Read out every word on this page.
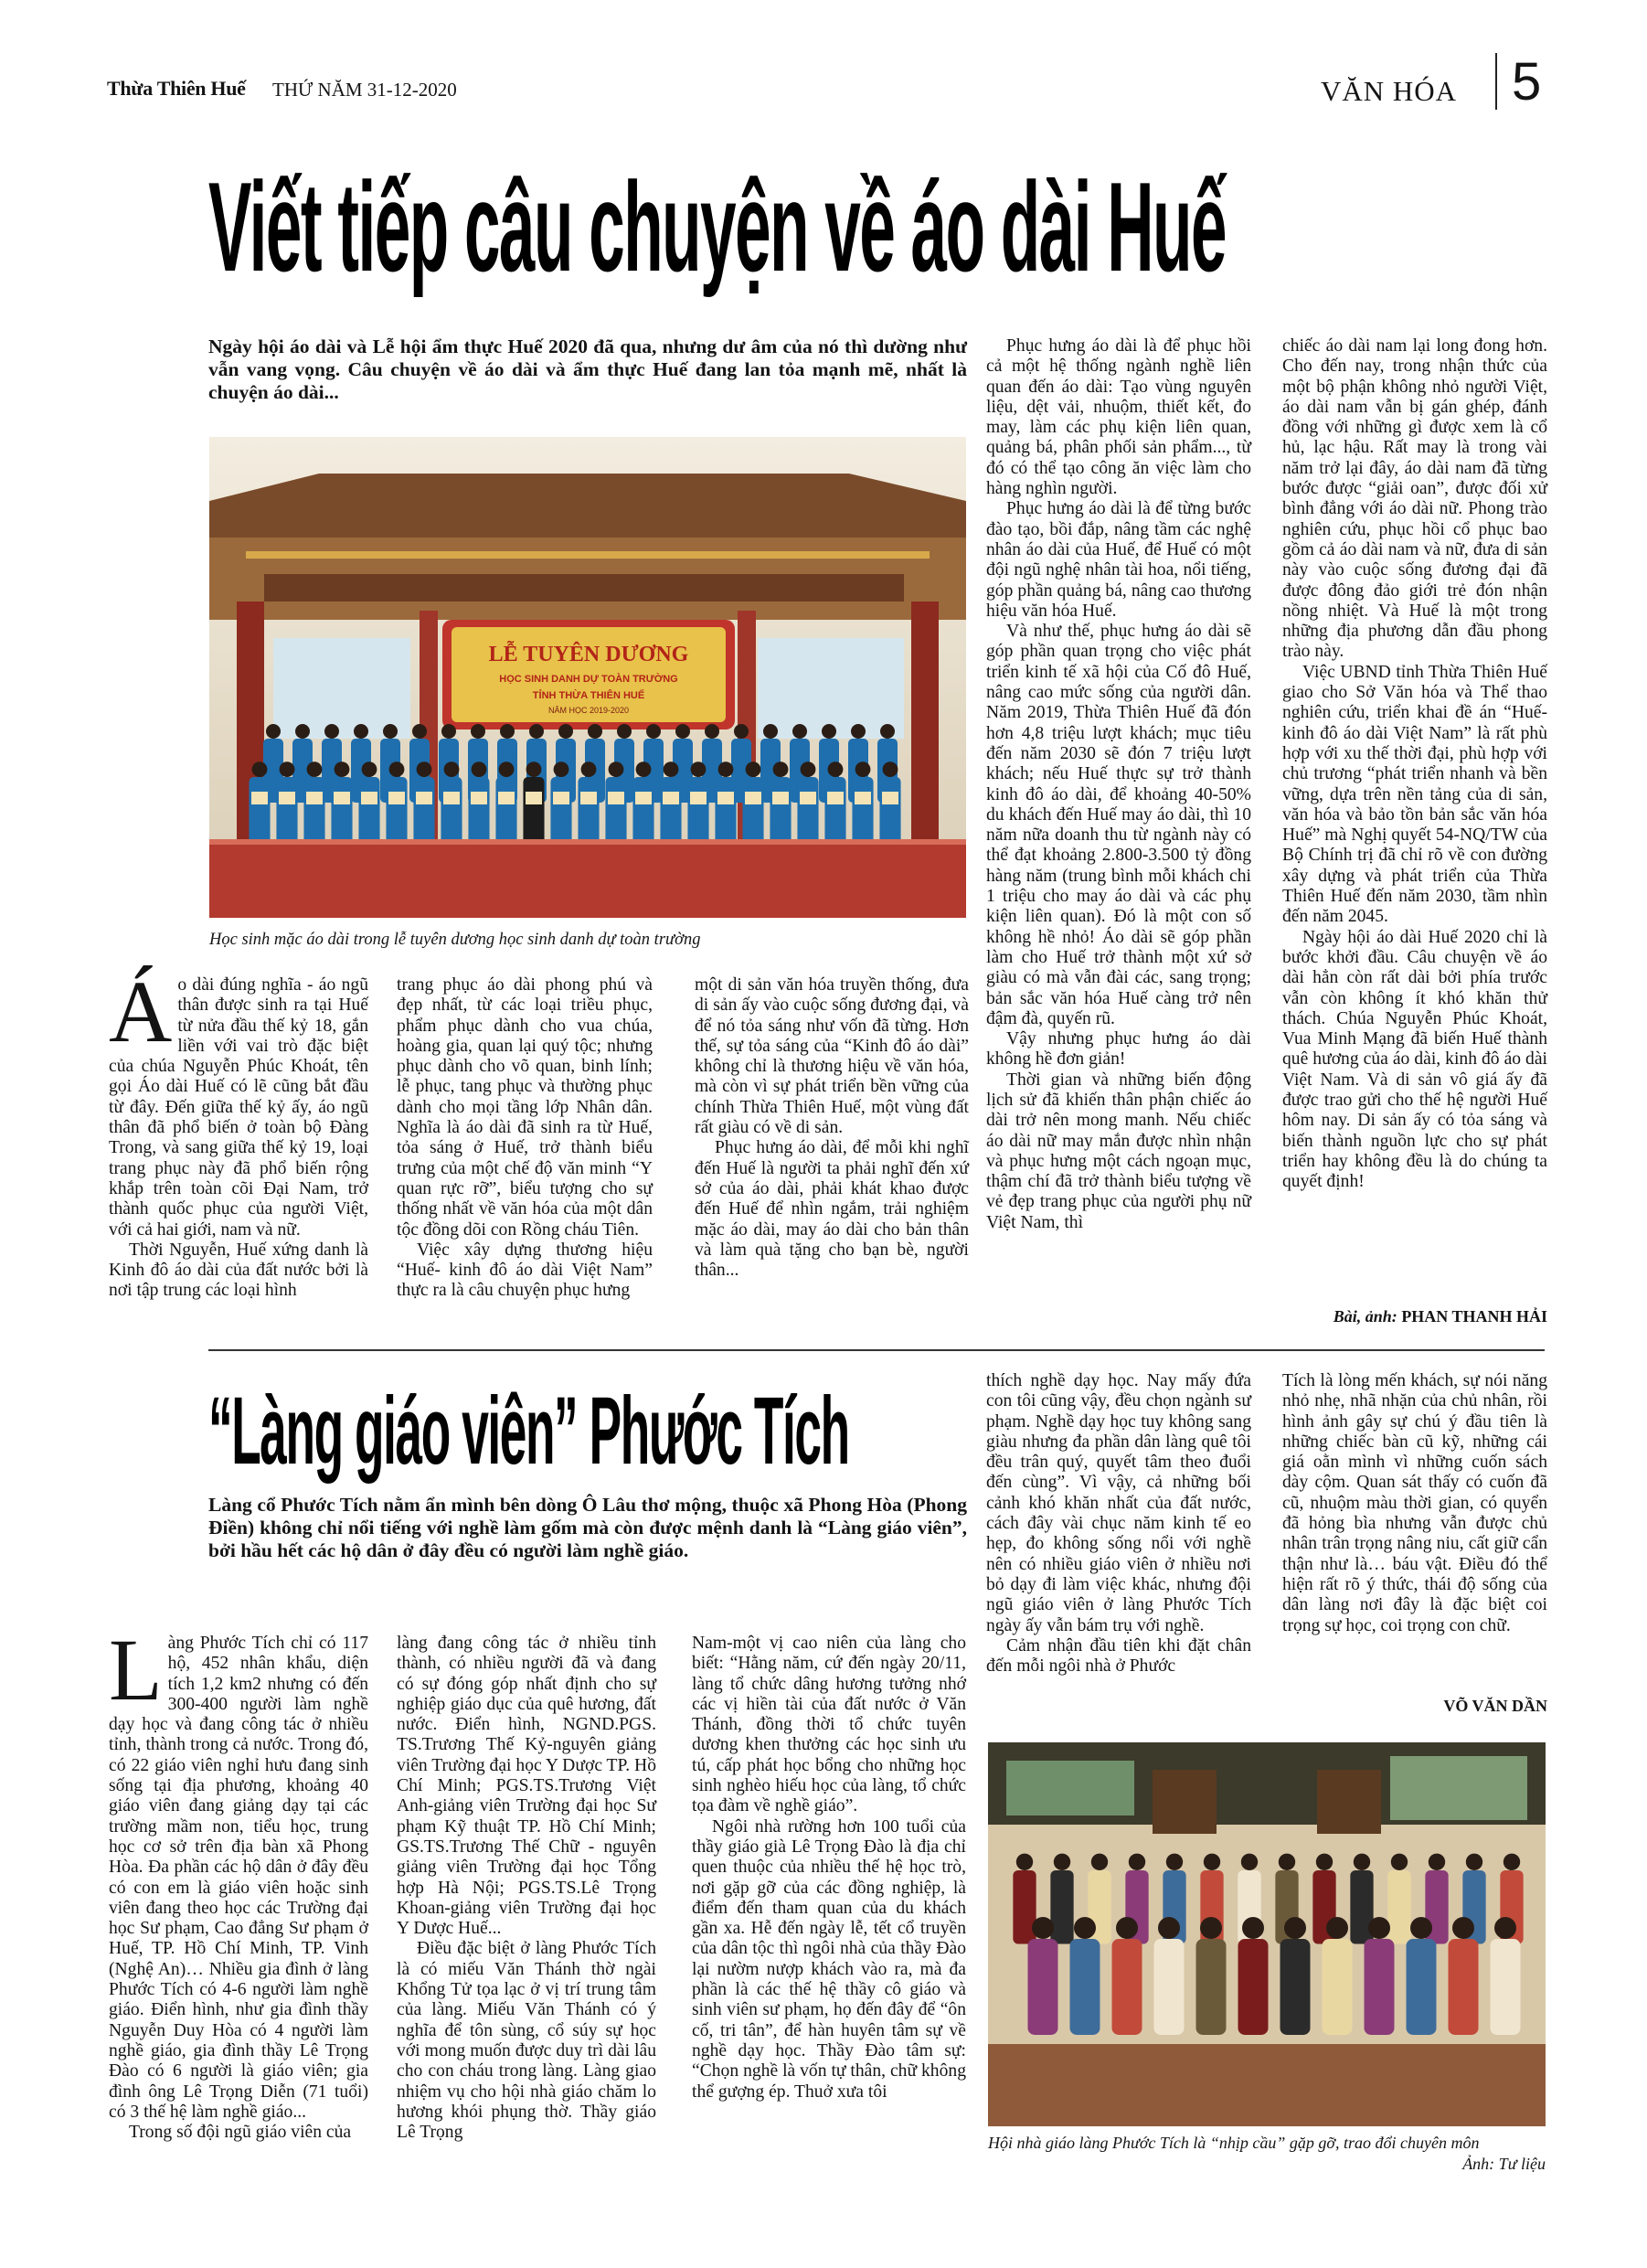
Thừa Thiên Huế THỨ NĂM 31-12-2020	VĂN HÓA 5
Viết tiếp câu chuyện về áo dài Huế
Ngày hội áo dài và Lễ hội ẩm thực Huế 2020 đã qua, nhưng dư âm của nó thì dường như vẫn vang vọng. Câu chuyện về áo dài và ẩm thực Huế đang lan tỏa mạnh mẽ, nhất là chuyện áo dài...
LỄ TUYÊN DƯƠNG
HỌC SINH DANH DỰ TOÀN TRƯỜNG
TỈNH THỪA THIÊN HUẾ
NĂM HỌC 2019-2020
Học sinh mặc áo dài trong lễ tuyên dương học sinh danh dự toàn trường

Áo dài đúng nghĩa - áo ngũ thân được sinh ra tại Huế từ nửa đầu thế kỷ 18, gắn liền với vai trò đặc biệt của chúa Nguyễn Phúc Khoát, tên gọi Áo dài Huế có lẽ cũng bắt đầu từ đây. Đến giữa thế kỷ ấy, áo ngũ thân đã phổ biến ở toàn bộ Đàng Trong, và sang giữa thế kỷ 19, loại trang phục này đã phổ biến rộng khắp trên toàn cõi Đại Nam, trở thành quốc phục của người Việt, với cả hai giới, nam và nữ.

Thời Nguyễn, Huế xứng danh là Kinh đô áo dài của đất nước bởi là nơi tập trung các loại hình

trang phục áo dài phong phú và đẹp nhất, từ các loại triều phục, phẩm phục dành cho vua chúa, hoàng gia, quan lại quý tộc; nhưng phục dành cho võ quan, binh lính; lễ phục, tang phục và thường phục dành cho mọi tầng lớp Nhân dân. Nghĩa là áo dài đã sinh ra từ Huế, tỏa sáng ở Huế, trở thành biểu trưng của một chế độ văn minh “Y quan rực rỡ”, biểu tượng cho sự thống nhất về văn hóa của một dân tộc đồng dõi con Rồng cháu Tiên.

Việc xây dựng thương hiệu “Huế- kinh đô áo dài Việt Nam” thực ra là câu chuyện phục hưng

một di sản văn hóa truyền thống, đưa di sản ấy vào cuộc sống đương đại, và để nó tỏa sáng như vốn đã từng. Hơn thế, sự tỏa sáng của “Kinh đô áo dài” không chỉ là thương hiệu về văn hóa, mà còn vì sự phát triển bền vững của chính Thừa Thiên Huế, một vùng đất rất giàu có về di sản.

Phục hưng áo dài, để mỗi khi nghĩ đến Huế là người ta phải nghĩ đến xứ sở của áo dài, phải khát khao được đến Huế để nhìn ngắm, trải nghiệm mặc áo dài, may áo dài cho bản thân và làm quà tặng cho bạn bè, người thân...

Phục hưng áo dài là để phục hồi cả một hệ thống ngành nghề liên quan đến áo dài: Tạo vùng nguyên liệu, dệt vải, nhuộm, thiết kết, đo may, làm các phụ kiện liên quan, quảng bá, phân phối sản phẩm..., từ đó có thể tạo công ăn việc làm cho hàng nghìn người.

Phục hưng áo dài là để từng bước đào tạo, bồi đắp, nâng tầm các nghệ nhân áo dài của Huế, để Huế có một đội ngũ nghệ nhân tài hoa, nổi tiếng, góp phần quảng bá, nâng cao thương hiệu văn hóa Huế.

Và như thế, phục hưng áo dài sẽ góp phần quan trọng cho việc phát triển kinh tế xã hội của Cố đô Huế, nâng cao mức sống của người dân. Năm 2019, Thừa Thiên Huế đã đón hơn 4,8 triệu lượt khách; mục tiêu đến năm 2030 sẽ đón 7 triệu lượt khách; nếu Huế thực sự trở thành kinh đô áo dài, để khoảng 40-50% du khách đến Huế may áo dài, thì 10 năm nữa doanh thu từ ngành này có thể đạt khoảng 2.800-3.500 tỷ đồng hàng năm (trung bình mỗi khách chi 1 triệu cho may áo dài và các phụ kiện liên quan). Đó là một con số không hề nhỏ! Áo dài sẽ góp phần làm cho Huế trở thành một xứ sở giàu có mà vẫn đài các, sang trọng; bản sắc văn hóa Huế càng trở nên đậm đà, quyến rũ.

Vậy nhưng phục hưng áo dài không hề đơn giản!

Thời gian và những biến động lịch sử đã khiến thân phận chiếc áo dài trở nên mong manh. Nếu chiếc áo dài nữ may mắn được nhìn nhận và phục hưng một cách ngoạn mục, thậm chí đã trở thành biểu tượng về vẻ đẹp trang phục của người phụ nữ Việt Nam, thì

chiếc áo dài nam lại long đong hơn. Cho đến nay, trong nhận thức của một bộ phận không nhỏ người Việt, áo dài nam vẫn bị gán ghép, đánh đồng với những gì được xem là cổ hủ, lạc hậu. Rất may là trong vài năm trở lại đây, áo dài nam đã từng bước được “giải oan”, được đối xử bình đẳng với áo dài nữ. Phong trào nghiên cứu, phục hồi cổ phục bao gồm cả áo dài nam và nữ, đưa di sản này vào cuộc sống đương đại đã được đông đảo giới trẻ đón nhận nồng nhiệt. Và Huế là một trong những địa phương dẫn đầu phong trào này.

Việc UBND tỉnh Thừa Thiên Huế giao cho Sở Văn hóa và Thể thao nghiên cứu, triển khai đề án “Huế- kinh đô áo dài Việt Nam” là rất phù hợp với xu thế thời đại, phù hợp với chủ trương “phát triển nhanh và bền vững, dựa trên nền tảng của di sản, văn hóa và bảo tồn bản sắc văn hóa Huế” mà Nghị quyết 54-NQ/TW của Bộ Chính trị đã chỉ rõ về con đường xây dựng và phát triển của Thừa Thiên Huế đến năm 2030, tầm nhìn đến năm 2045.

Ngày hội áo dài Huế 2020 chỉ là bước khởi đầu. Câu chuyện về áo dài hẳn còn rất dài bởi phía trước vẫn còn không ít khó khăn thử thách. Chúa Nguyễn Phúc Khoát, Vua Minh Mạng đã biến Huế thành quê hương của áo dài, kinh đô áo dài Việt Nam. Và di sản vô giá ấy đã được trao gửi cho thế hệ người Huế hôm nay. Di sản ấy có tỏa sáng và biến thành nguồn lực cho sự phát triển hay không đều là do chúng ta quyết định!

Bài, ảnh: PHAN THANH HẢI
“Làng giáo viên” Phước Tích
Làng cổ Phước Tích nằm ẩn mình bên dòng Ô Lâu thơ mộng, thuộc xã Phong Hòa (Phong Điền) không chỉ nổi tiếng với nghề làm gốm mà còn được mệnh danh là “Làng giáo viên”, bởi hầu hết các hộ dân ở đây đều có người làm nghề giáo.

Làng Phước Tích chỉ có 117 hộ, 452 nhân khẩu, diện tích 1,2 km2 nhưng có đến 300-400 người làm nghề dạy học và đang công tác ở nhiều tỉnh, thành trong cả nước. Trong đó, có 22 giáo viên nghỉ hưu đang sinh sống tại địa phương, khoảng 40 giáo viên đang giảng dạy tại các trường mầm non, tiểu học, trung học cơ sở trên địa bàn xã Phong Hòa. Đa phần các hộ dân ở đây đều có con em là giáo viên hoặc sinh viên đang theo học các Trường đại học Sư phạm, Cao đẳng Sư phạm ở Huế, TP. Hồ Chí Minh, TP. Vinh (Nghệ An)… Nhiều gia đình ở làng Phước Tích có 4-6 người làm nghề giáo. Điển hình, như gia đình thầy Nguyễn Duy Hòa có 4 người làm nghề giáo, gia đình thầy Lê Trọng Đào có 6 người là giáo viên; gia đình ông Lê Trọng Diễn (71 tuổi) có 3 thế hệ làm nghề giáo...

Trong số đội ngũ giáo viên của

làng đang công tác ở nhiều tỉnh thành, có nhiều người đã và đang có sự đóng góp nhất định cho sự nghiệp giáo dục của quê hương, đất nước. Điển hình, NGND.PGS. TS.Trương Thế Kỷ-nguyên giảng viên Trường đại học Y Dược TP. Hồ Chí Minh; PGS.TS.Trương Việt Anh-giảng viên Trường đại học Sư phạm Kỹ thuật TP. Hồ Chí Minh; GS.TS.Trương Thế Chữ - nguyên giảng viên Trường đại học Tổng hợp Hà Nội; PGS.TS.Lê Trọng Khoan-giảng viên Trường đại học Y Dược Huế...

Điều đặc biệt ở làng Phước Tích là có miếu Văn Thánh thờ ngài Khổng Tử tọa lạc ở vị trí trung tâm của làng. Miếu Văn Thánh có ý nghĩa để tôn sùng, cổ súy sự học với mong muốn được duy trì dài lâu cho con cháu trong làng. Làng giao nhiệm vụ cho hội nhà giáo chăm lo hương khói phụng thờ. Thầy giáo Lê Trọng

Nam-một vị cao niên của làng cho biết: “Hằng năm, cứ đến ngày 20/11, làng tổ chức dâng hương tưởng nhớ các vị hiền tài của đất nước ở Văn Thánh, đồng thời tổ chức tuyên dương khen thưởng các học sinh ưu tú, cấp phát học bổng cho những học sinh nghèo hiếu học của làng, tổ chức tọa đàm về nghề giáo”.

Ngôi nhà rường hơn 100 tuổi của thầy giáo già Lê Trọng Đào là địa chỉ quen thuộc của nhiều thế hệ học trò, nơi gặp gỡ của các đồng nghiệp, là điểm đến tham quan của du khách gần xa. Hễ đến ngày lễ, tết cổ truyền của dân tộc thì ngôi nhà của thầy Đào lại nườm nượp khách vào ra, mà đa phần là các thế hệ thầy cô giáo và sinh viên sư phạm, họ đến đây để “ôn cố, tri tân”, để hàn huyên tâm sự về nghề dạy học. Thầy Đào tâm sự: “Chọn nghề là vốn tự thân, chữ không thể gượng ép. Thuở xưa tôi

thích nghề dạy học. Nay mấy đứa con tôi cũng vậy, đều chọn ngành sư phạm. Nghề dạy học tuy không sang giàu nhưng đa phần dân làng quê tôi đều trân quý, quyết tâm theo đuổi đến cùng”. Vì vậy, cả những bối cảnh khó khăn nhất của đất nước, cách đây vài chục năm kinh tế eo hẹp, đo không sống nổi với nghề nên có nhiều giáo viên ở nhiều nơi bỏ dạy đi làm việc khác, nhưng đội ngũ giáo viên ở làng Phước Tích ngày ấy vẫn bám trụ với nghề.

Cảm nhận đầu tiên khi đặt chân đến mỗi ngôi nhà ở Phước

Tích là lòng mến khách, sự nói năng nhỏ nhẹ, nhã nhặn của chủ nhân, rồi hình ảnh gây sự chú ý đầu tiên là những chiếc bàn cũ kỹ, những cái giá oằn mình vì những cuốn sách dày cộm. Quan sát thấy có cuốn đã cũ, nhuộm màu thời gian, có quyển đã hỏng bìa nhưng vẫn được chủ nhân trân trọng nâng niu, cất giữ cẩn thận như là… báu vật. Điều đó thể hiện rất rõ ý thức, thái độ sống của dân làng nơi đây là đặc biệt coi trọng sự học, coi trọng con chữ.

VÕ VĂN DẦN
Hội nhà giáo làng Phước Tích là “nhịp cầu” gặp gỡ, trao đổi chuyên môn
Ảnh: Tư liệu
